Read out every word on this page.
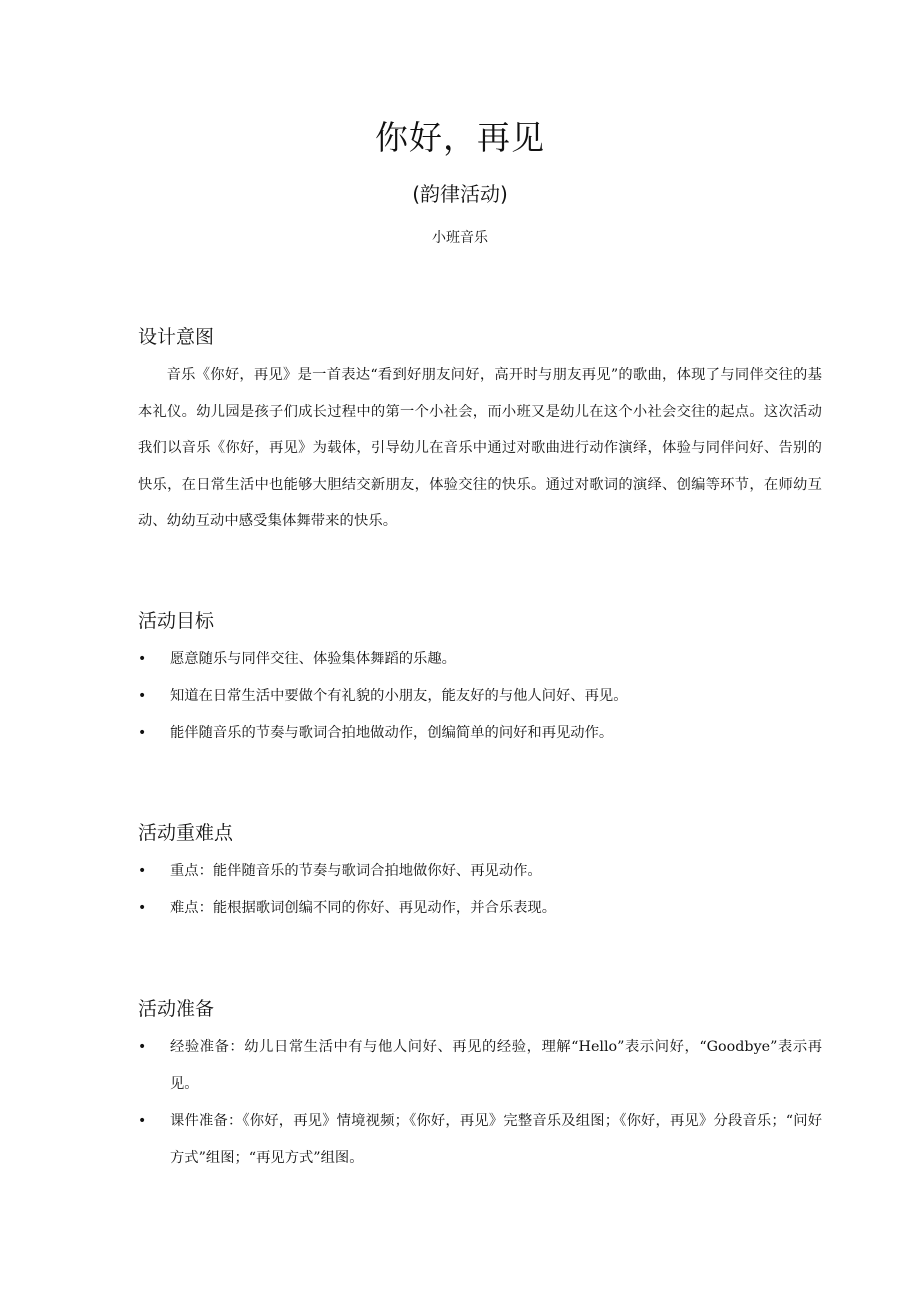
你好，再见
(韵律活动)
小班音乐
设计意图

音乐《你好，再见》是一首表达“看到好朋友问好，高开时与朋友再见”的歌曲，体现了与同伴交往的基本礼仪。幼儿园是孩子们成长过程中的第一个小社会，而小班又是幼儿在这个小社会交往的起点。这次活动我们以音乐《你好，再见》为载体，引导幼儿在音乐中通过对歌曲进行动作演绎，体验与同伴问好、告别的快乐，在日常生活中也能够大胆结交新朋友，体验交往的快乐。通过对歌词的演绎、创编等环节，在师幼互动、幼幼互动中感受集体舞带来的快乐。

活动目标
• 愿意随乐与同伴交往、体验集体舞蹈的乐趣。
• 知道在日常生活中要做个有礼貌的小朋友，能友好的与他人问好、再见。
• 能伴随音乐的节奏与歌词合拍地做动作，创编简单的问好和再见动作。
活动重难点
• 重点：能伴随音乐的节奏与歌词合拍地做你好、再见动作。
• 难点：能根据歌词创编不同的你好、再见动作，并合乐表现。
活动准备
• 经验准备：幼儿日常生活中有与他人问好、再见的经验，理解“Hello”表示问好，“Goodbye”表示再见。
• 课件准备：《你好，再见》情境视频；《你好，再见》完整音乐及组图；《你好，再见》分段音乐；“问好方式”组图；“再见方式”组图。
